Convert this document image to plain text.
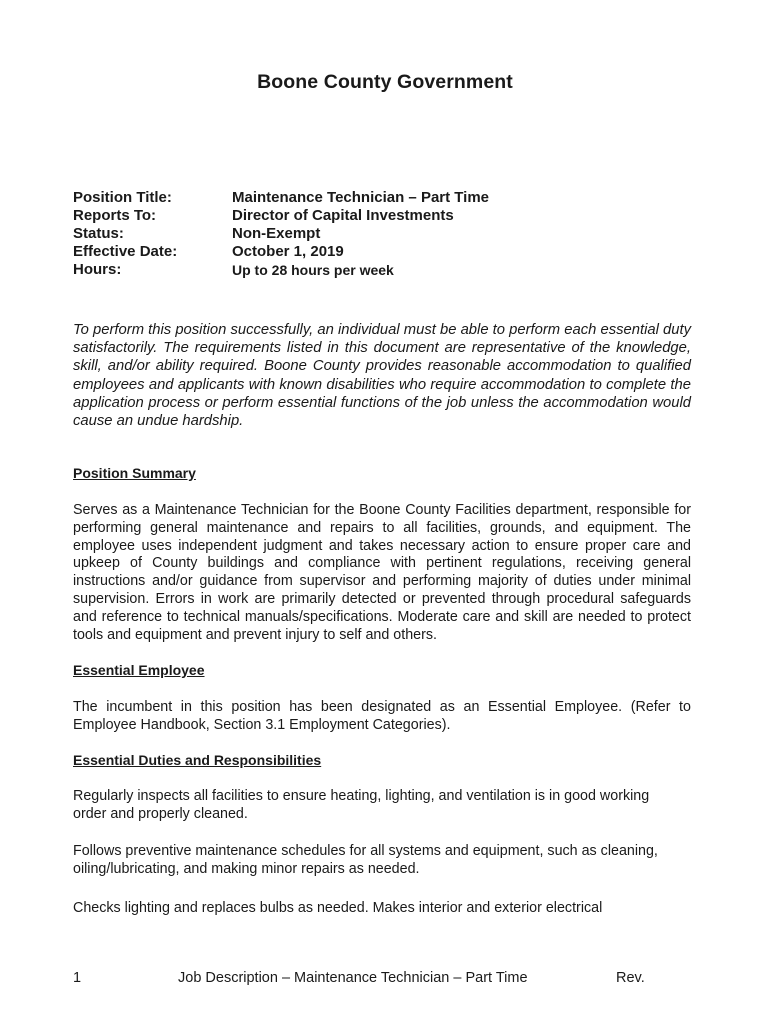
Boone County Government
Position Title:	Maintenance Technician – Part Time
Reports To:	Director of Capital Investments
Status:	Non-Exempt
Effective Date:	October 1, 2019
Hours:	Up to 28 hours per week

To perform this position successfully, an individual must be able to perform each essential duty satisfactorily. The requirements listed in this document are representative of the knowledge, skill, and/or ability required. Boone County provides reasonable accommodation to qualified employees and applicants with known disabilities who require accommodation to complete the application process or perform essential functions of the job unless the accommodation would cause an undue hardship.

Position Summary

Serves as a Maintenance Technician for the Boone County Facilities department, responsible for performing general maintenance and repairs to all facilities, grounds, and equipment. The employee uses independent judgment and takes necessary action to ensure proper care and upkeep of County buildings and compliance with pertinent regulations, receiving general instructions and/or guidance from supervisor and performing majority of duties under minimal supervision. Errors in work are primarily detected or prevented through procedural safeguards and reference to technical manuals/specifications. Moderate care and skill are needed to protect tools and equipment and prevent injury to self and others.

Essential Employee

The incumbent in this position has been designated as an Essential Employee. (Refer to Employee Handbook, Section 3.1 Employment Categories).

Essential Duties and Responsibilities

Regularly inspects all facilities to ensure heating, lighting, and ventilation is in good working order and properly cleaned.

Follows preventive maintenance schedules for all systems and equipment, such as cleaning, oiling/lubricating, and making minor repairs as needed.

Checks lighting and replaces bulbs as needed. Makes interior and exterior electrical

1	Job Description – Maintenance Technician – Part Time	Rev.
